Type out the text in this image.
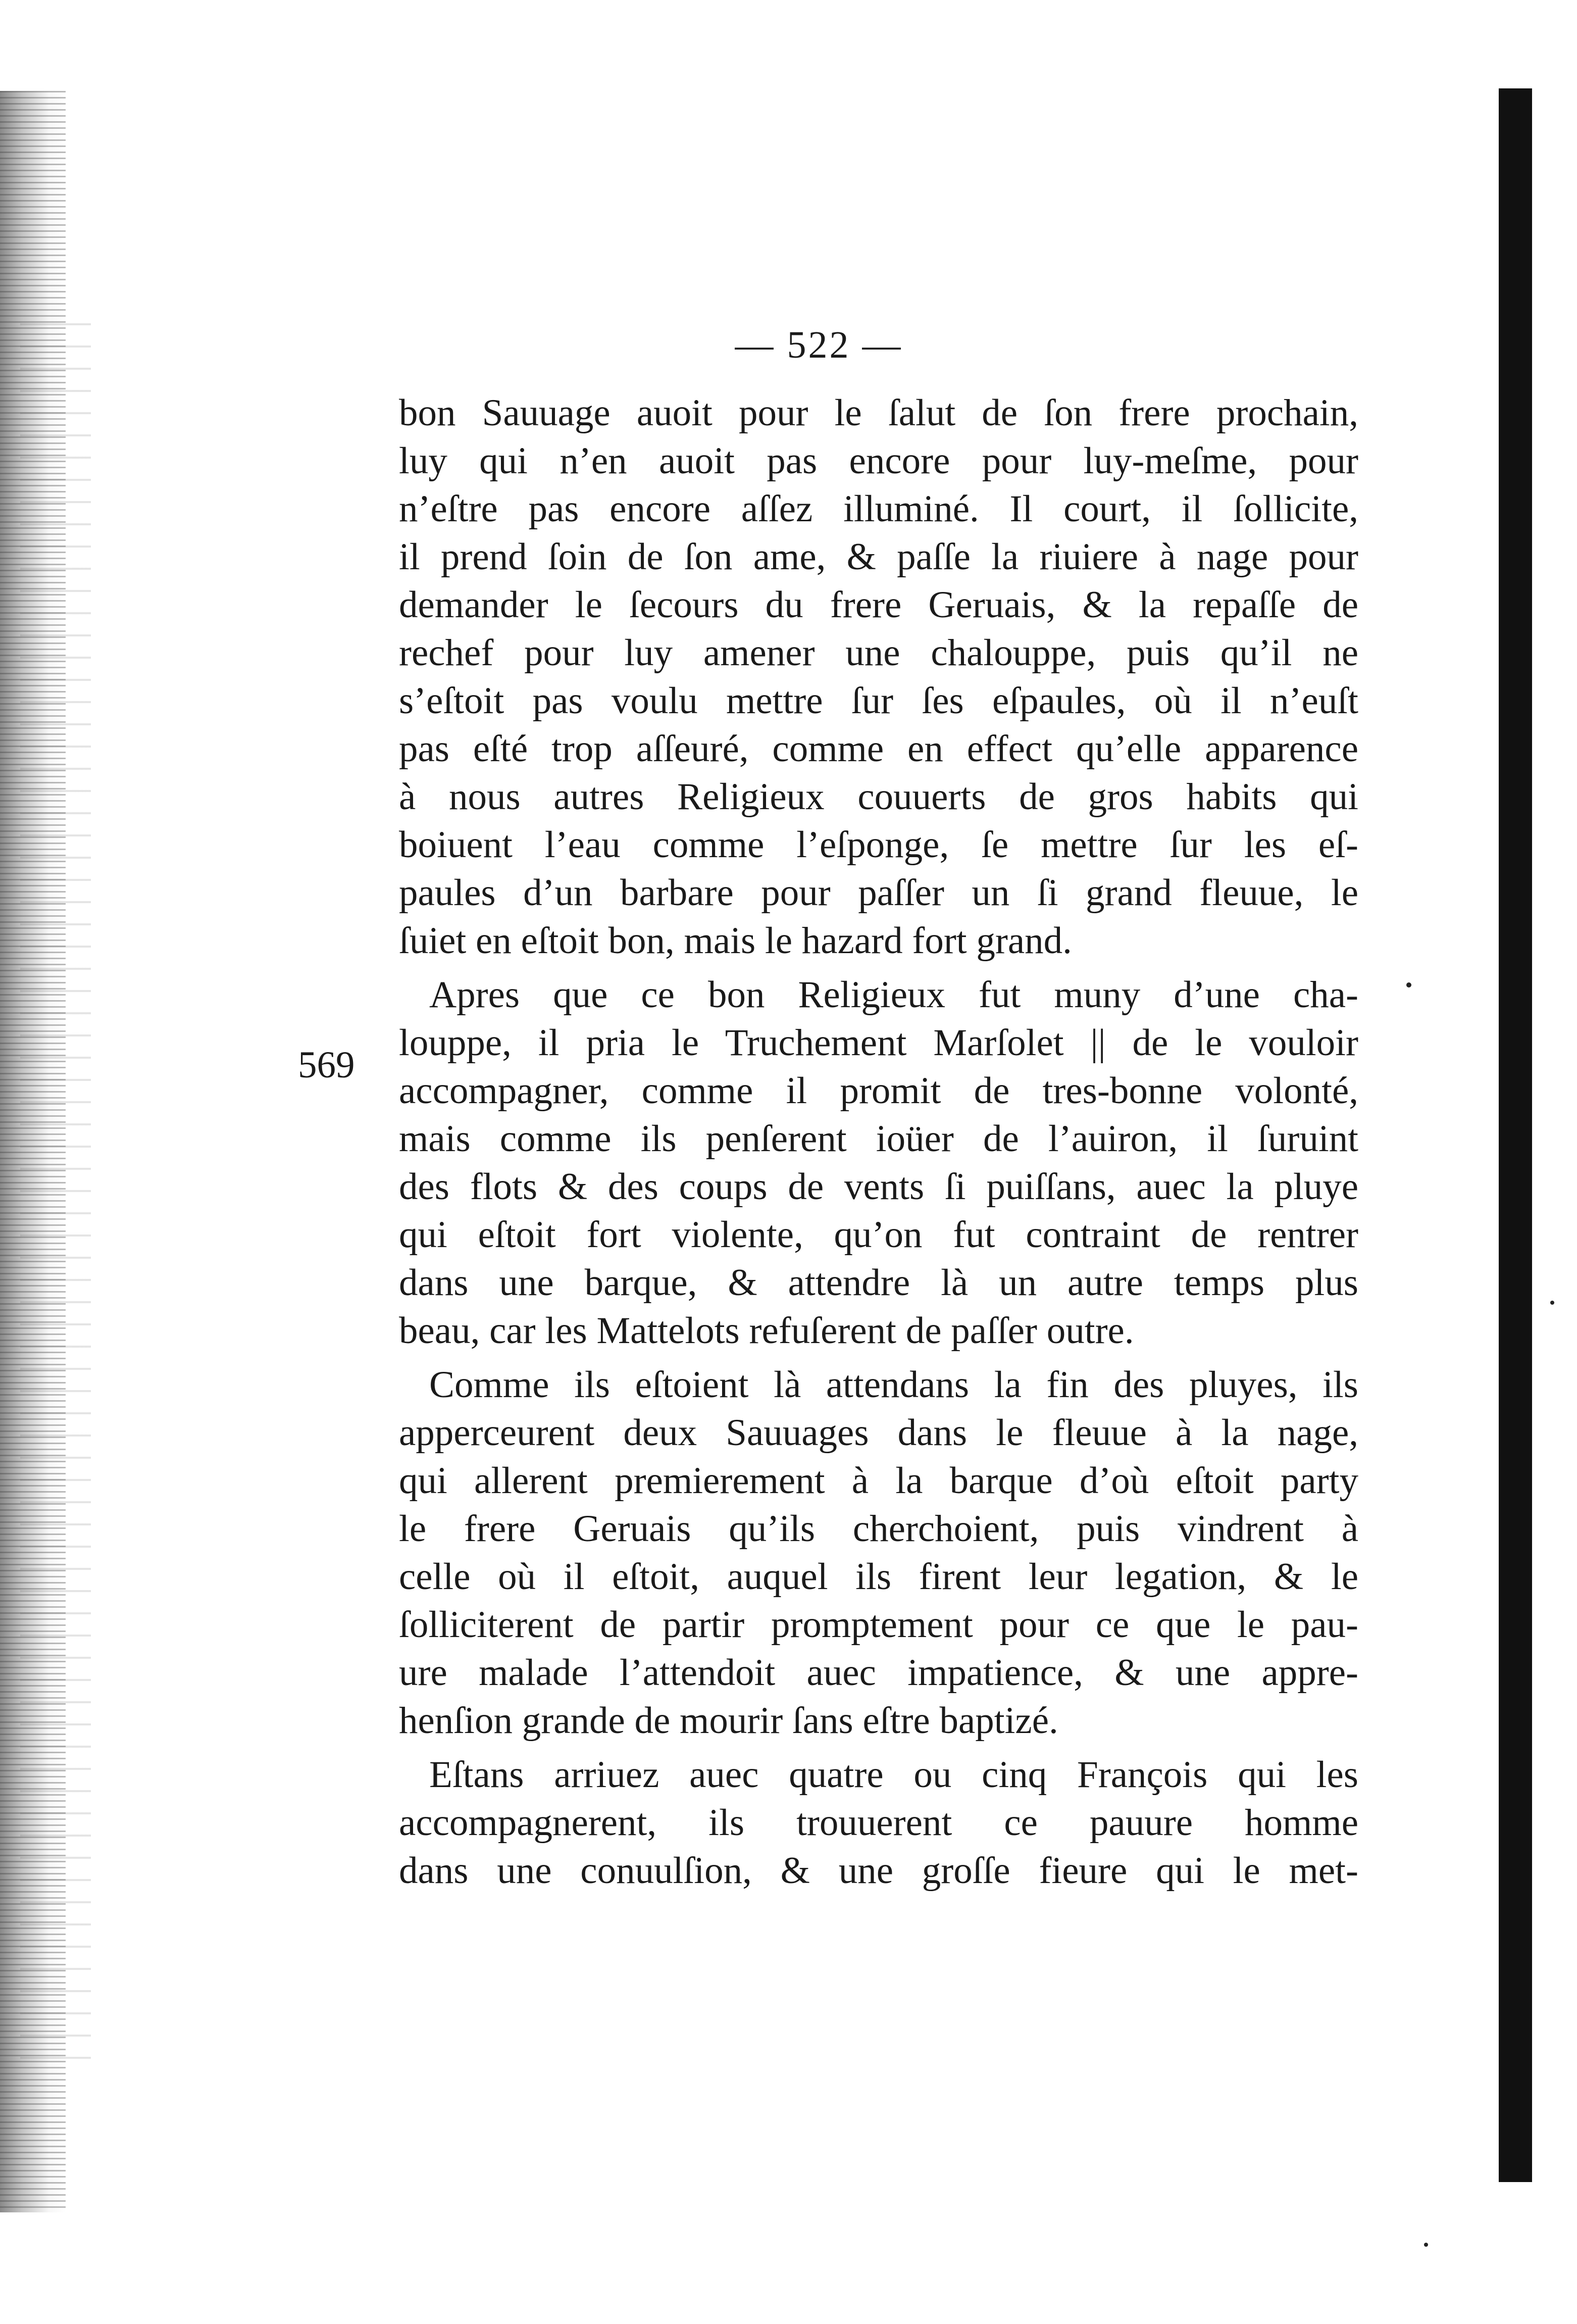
— 522 —
569
bon Sauuage auoit pour le ſalut de ſon frere prochain,
luy qui n’en auoit pas encore pour luy-meſme, pour
n’eſtre pas encore aſſez illuminé. Il court, il ſollicite,
il prend ſoin de ſon ame, & paſſe la riuiere à nage pour
demander le ſecours du frere Geruais, & la repaſſe de
rechef pour luy amener une chalouppe, puis qu’il ne
s’eſtoit pas voulu mettre ſur ſes eſpaules, où il n’euſt
pas eſté trop aſſeuré, comme en effect qu’elle apparence
à nous autres Religieux couuerts de gros habits qui
boiuent l’eau comme l’eſponge, ſe mettre ſur les eſ-
paules d’un barbare pour paſſer un ſi grand fleuue, le
ſuiet en eſtoit bon, mais le hazard fort grand.
Apres que ce bon Religieux fut muny d’une cha-
louppe, il pria le Truchement Marſolet || de le vouloir
accompagner, comme il promit de tres-bonne volonté,
mais comme ils penſerent ioüer de l’auiron, il ſuruint
des flots & des coups de vents ſi puiſſans, auec la pluye
qui eſtoit fort violente, qu’on fut contraint de rentrer
dans une barque, & attendre là un autre temps plus
beau, car les Mattelots refuſerent de paſſer outre.
Comme ils eſtoient là attendans la fin des pluyes, ils
apperceurent deux Sauuages dans le fleuue à la nage,
qui allerent premierement à la barque d’où eſtoit party
le frere Geruais qu’ils cherchoient, puis vindrent à
celle où il eſtoit, auquel ils firent leur legation, & le
ſolliciterent de partir promptement pour ce que le pau-
ure malade l’attendoit auec impatience, & une appre-
henſion grande de mourir ſans eſtre baptizé.
Eſtans arriuez auec quatre ou cinq François qui les
accompagnerent, ils trouuerent ce pauure homme
dans une conuulſion, & une groſſe fieure qui le met-
